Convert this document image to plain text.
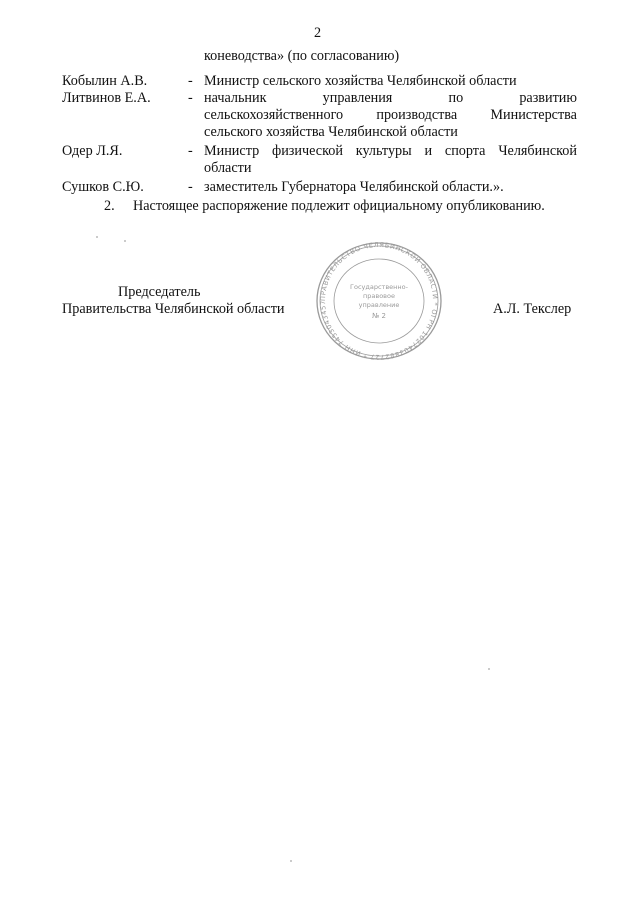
2
коневодства» (по согласованию)
Кобылин А.В.	- Министр сельского хозяйства Челябинской области
Литвинов Е.А.	- начальник	управления	по	развитию
сельскохозяйственного производства Министерства
сельского хозяйства Челябинской области
Одер Л.Я.	- Министр физической культуры и спорта Челябинской
области
Сушков С.Ю.	- заместитель Губернатора Челябинской области.».
2. Настоящее распоряжение подлежит официальному опубликованию.
Председатель
Правительства Челябинской области	А.Л. Текслер
ПРАВИТЕЛЬСТВО ЧЕЛЯБИНСКОЙ ОБЛАСТИ * ОГРН 1027403882727 * ИНН 7453043457
Государственно-
правовое
управление
№ 2
